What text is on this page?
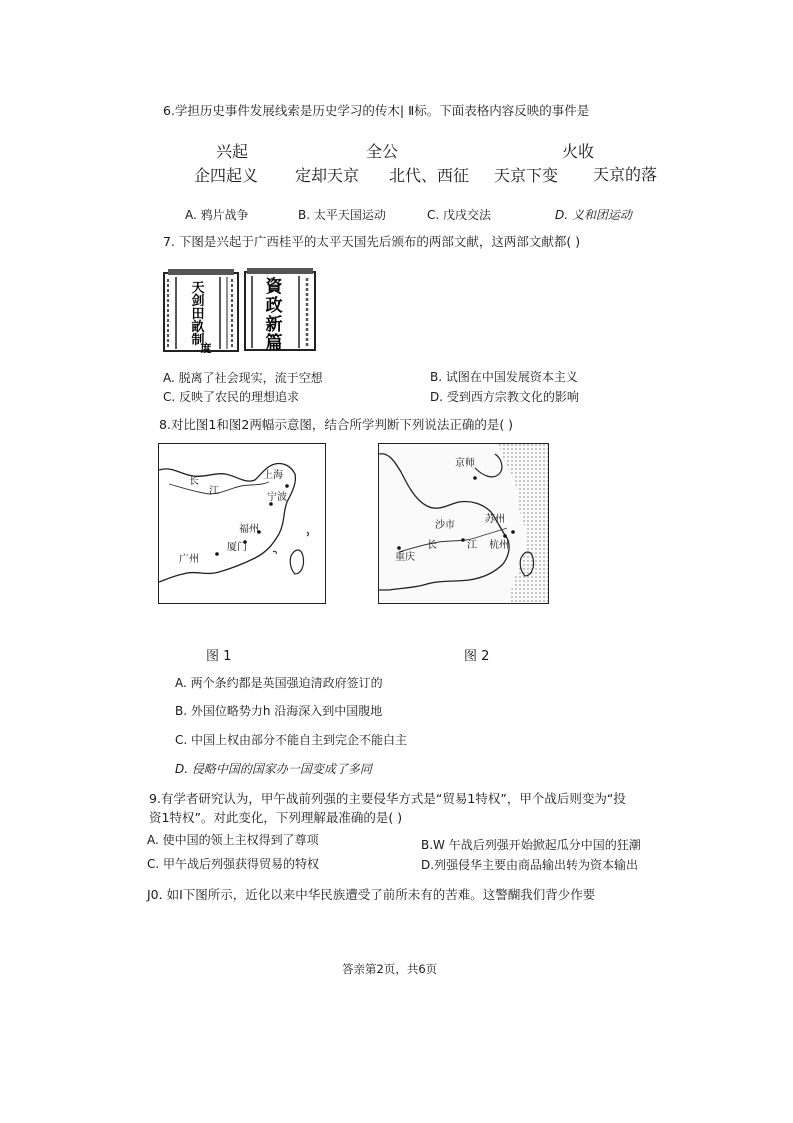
6.学担历史事件发展线索是历史学习的传木| Ⅱ标。下面表格内容反映的事件是
兴起	全公	火收
企四起义 定却天京 北代、西征 天京下变 天京的落
A. 鸦片战争	B. 太平天国运动	C. 戊戌交法	D. 义和团运动
7. 下图是兴起于广西桂平的太平天国先后颁布的两部文献，这两部文献都( )
天
剑
田
畝
制
度
資
政
新
篇
A. 脱离了社会现实，流于空想	B. 试图在中国发展资本主义
C. 反映了农民的理想追求	D. 受到西方宗教文化的影响
8.对比图1和图2两幅示意图，结合所学判断下列说法正确的是( )
上海
长
江
宁波
福州
厦门
广州
京师
苏州
沙市
长	江 杭州
重庆
图 1	图 2
A. 两个条约都是英国强迫清政府签订的
B. 外国位略势力h 沿海深入到中国腹地
C. 中国上权由部分不能自主到完企不能白主
D. 侵略中国的国家办一国变成了多同
9.有学者研究认为，甲午战前列强的主要侵华方式是“贸易1特权”，甲个战后则变为“投
资1特权”。对此变化，下列理解最准确的是( )
A. 使中国的领上主权得到了尊项	B.W 午战后列强开始掀起瓜分中国的狂潮
C. 甲午战后列强获得贸易的特权	D.列强侵华主要由商品输出转为资本输出
J0. 如I下图所示，近化以来中华民族遭受了前所未有的苦难。这警醐我们背少作要
答亲第2页，共6页
